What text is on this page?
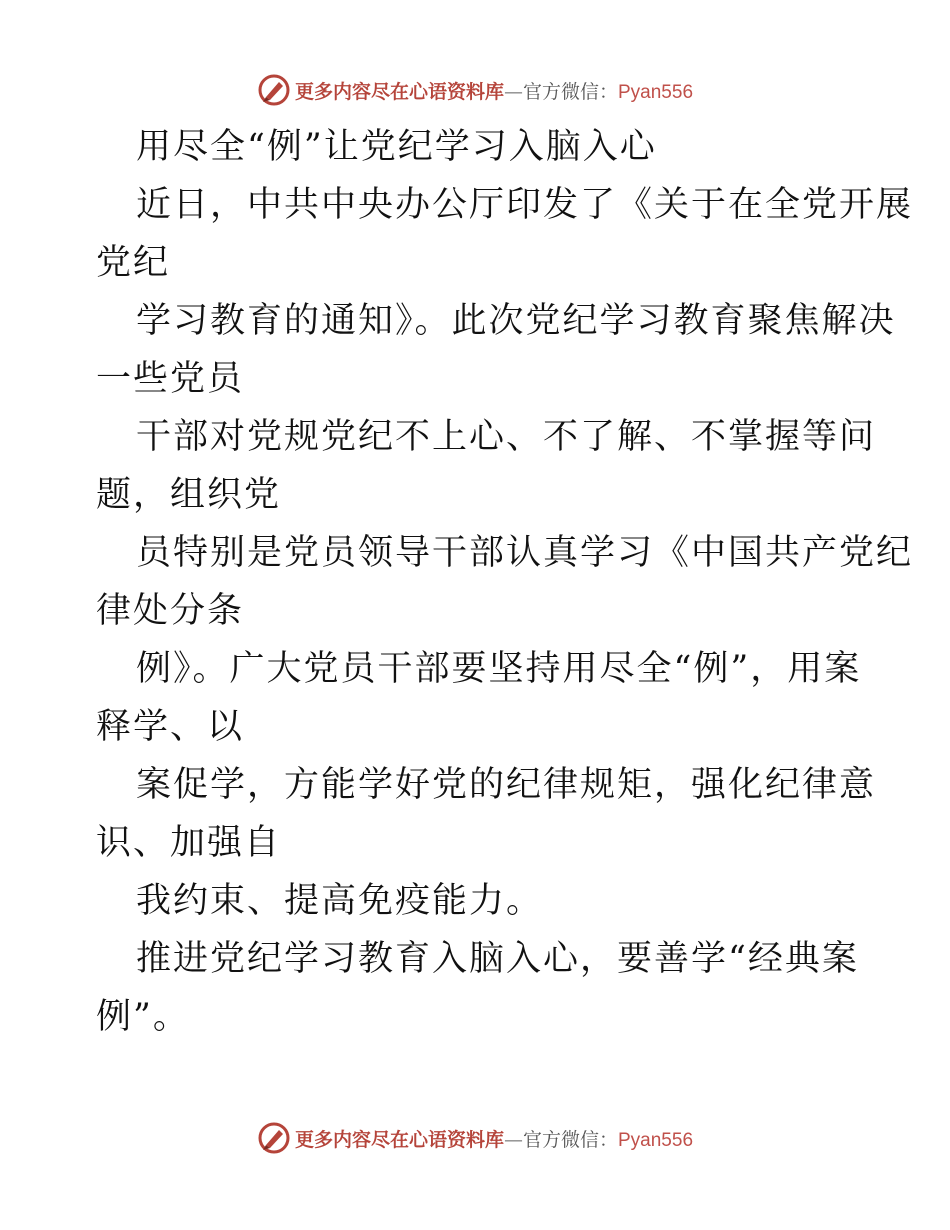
更多内容尽在心语资料库—官方微信：Pyan556

用尽全“例”让党纪学习入脑入心

近日，中共中央办公厅印发了《关于在全党开展

党纪

学习教育的通知》。此次党纪学习教育聚焦解决

一些党员

干部对党规党纪不上心、不了解、不掌握等问

题，组织党

员特别是党员领导干部认真学习《中国共产党纪

律处分条

例》。广大党员干部要坚持用尽全“例”，用案

释学、以

案促学，方能学好党的纪律规矩，强化纪律意

识、加强自

我约束、提高免疫能力。

推进党纪学习教育入脑入心，要善学“经典案

例”。

更多内容尽在心语资料库—官方微信：Pyan556
